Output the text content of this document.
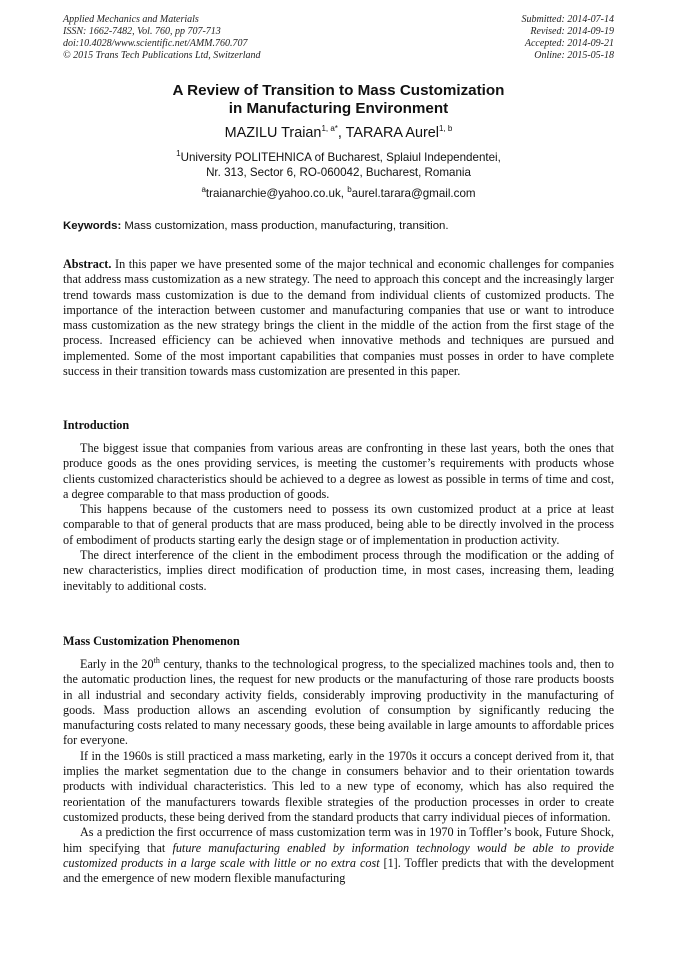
Applied Mechanics and Materials
ISSN: 1662-7482, Vol. 760, pp 707-713
doi:10.4028/www.scientific.net/AMM.760.707
© 2015 Trans Tech Publications Ltd, Switzerland
Submitted: 2014-07-14
Revised: 2014-09-19
Accepted: 2014-09-21
Online: 2015-05-18
A Review of Transition to Mass Customization
in Manufacturing Environment
MAZILU Traian$^{1, a*}$, TARARA Aurel$^{1, b}$
$^1$University POLITEHNICA of Bucharest, Splaiul Independentei,
Nr. 313, Sector 6, RO-060042, Bucharest, Romania
$^a$traianarchie@yahoo.co.uk, $^b$aurel.tarara@gmail.com
Keywords: Mass customization, mass production, manufacturing, transition.

Abstract. In this paper we have presented some of the major technical and economic challenges for companies that address mass customization as a new strategy. The need to approach this concept and the increasingly larger trend towards mass customization is due to the demand from individual clients of customized products. The importance of the interaction between customer and manufacturing companies that use or want to introduce mass customization as the new strategy brings the client in the middle of the action from the first stage of the process. Increased efficiency can be achieved when innovative methods and techniques are pursued and implemented. Some of the most important capabilities that companies must posses in order to have complete success in their transition towards mass customization are presented in this paper.

Introduction

The biggest issue that companies from various areas are confronting in these last years, both the ones that produce goods as the ones providing services, is meeting the customer’s requirements with products whose clients customized characteristics should be achieved to a degree as lowest as possible in terms of time and cost, a degree comparable to that mass production of goods.

This happens because of the customers need to possess its own customized product at a price at least comparable to that of general products that are mass produced, being able to be directly involved in the process of embodiment of products starting early the design stage or of implementation in production activity.

The direct interference of the client in the embodiment process through the modification or the adding of new characteristics, implies direct modification of production time, in most cases, increasing them, leading inevitably to additional costs.

Mass Customization Phenomenon

Early in the 20th century, thanks to the technological progress, to the specialized machines tools and, then to the automatic production lines, the request for new products or the manufacturing of those rare products boosts in all industrial and secondary activity fields, considerably improving productivity in the manufacturing of goods. Mass production allows an ascending evolution of consumption by significantly reducing the manufacturing costs related to many necessary goods, these being available in large amounts to affordable prices for everyone.

If in the 1960s is still practiced a mass marketing, early in the 1970s it occurs a concept derived from it, that implies the market segmentation due to the change in consumers behavior and to their orientation towards products with individual characteristics. This led to a new type of economy, which has also required the reorientation of the manufacturers towards flexible strategies of the production processes in order to create customized products, these being derived from the standard products that carry individual pieces of information.

As a prediction the first occurrence of mass customization term was in 1970 in Toffler’s book, Future Shock, him specifying that future manufacturing enabled by information technology would be able to provide customized products in a large scale with little or no extra cost [1]. Toffler predicts that with the development and the emergence of new modern flexible manufacturing
